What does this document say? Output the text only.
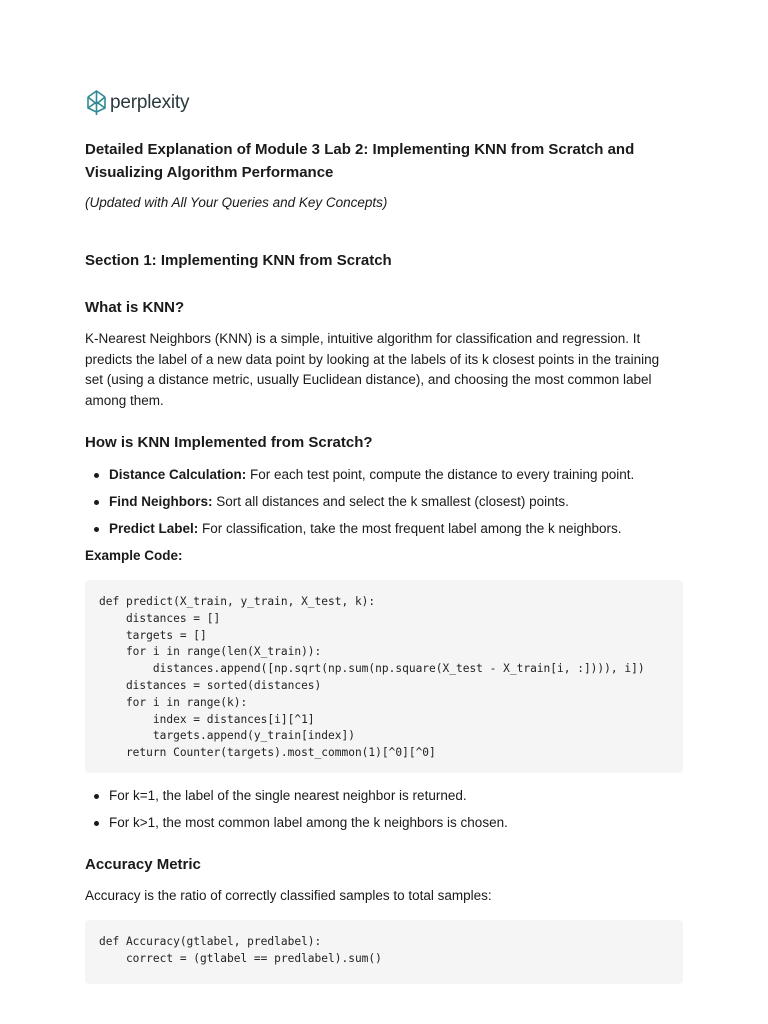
perplexity
Detailed Explanation of Module 3 Lab 2: Implementing KNN from Scratch and Visualizing Algorithm Performance
(Updated with All Your Queries and Key Concepts)
Section 1: Implementing KNN from Scratch
What is KNN?
K-Nearest Neighbors (KNN) is a simple, intuitive algorithm for classification and regression. It predicts the label of a new data point by looking at the labels of its k closest points in the training set (using a distance metric, usually Euclidean distance), and choosing the most common label among them.
How is KNN Implemented from Scratch?
Distance Calculation: For each test point, compute the distance to every training point.
Find Neighbors: Sort all distances and select the k smallest (closest) points.
Predict Label: For classification, take the most frequent label among the k neighbors.
Example Code:
def predict(X_train, y_train, X_test, k):
distances = []
targets = []
for i in range(len(X_train)):
distances.append([np.sqrt(np.sum(np.square(X_test - X_train[i, :]))), i])
distances = sorted(distances)
for i in range(k):
index = distances[i][^1]
targets.append(y_train[index])
return Counter(targets).most_common(1)[^0][^0]
For k=1, the label of the single nearest neighbor is returned.
For k>1, the most common label among the k neighbors is chosen.
Accuracy Metric
Accuracy is the ratio of correctly classified samples to total samples:
def Accuracy(gtlabel, predlabel):
correct = (gtlabel == predlabel).sum()
